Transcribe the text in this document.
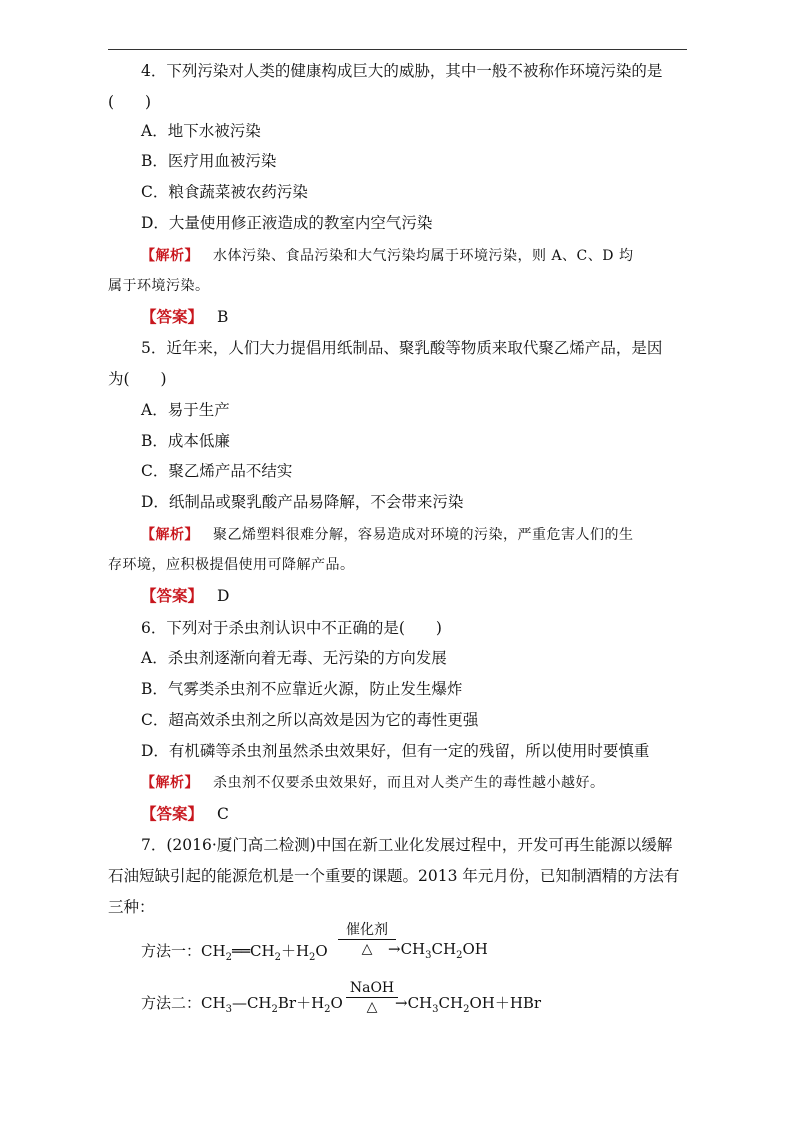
4．下列污染对人类的健康构成巨大的威胁，其中一般不被称作环境污染的是
(　　)
A．地下水被污染
B．医疗用血被污染
C．粮食蔬菜被农药污染
D．大量使用修正液造成的教室内空气污染
【解析】 水体污染、食品污染和大气污染均属于环境污染，则 A、C、D 均
属于环境污染。
【答案】 B
5．近年来，人们大力提倡用纸制品、聚乳酸等物质来取代聚乙烯产品，是因
为(　　)
A．易于生产
B．成本低廉
C．聚乙烯产品不结实
D．纸制品或聚乳酸产品易降解，不会带来污染
【解析】 聚乙烯塑料很难分解，容易造成对环境的污染，严重危害人们的生
存环境，应积极提倡使用可降解产品。
【答案】 D
6．下列对于杀虫剂认识中不正确的是(　　)
A．杀虫剂逐渐向着无毒、无污染的方向发展
B．气雾类杀虫剂不应靠近火源，防止发生爆炸
C．超高效杀虫剂之所以高效是因为它的毒性更强
D．有机磷等杀虫剂虽然杀虫效果好，但有一定的残留，所以使用时要慎重
【解析】 杀虫剂不仅要杀虫效果好，而且对人类产生的毒性越小越好。
【答案】 C
7．(2016·厦门高二检测)中国在新工业化发展过程中，开发可再生能源以缓解
石油短缺引起的能源危机是一个重要的课题。2013 年元月份，已知制酒精的方法有
三种：
方法一：$CH_2══CH_2+H_2O$
催化剂
△	$\to CH_3CH_2OH$
方法二：$CH_3—CH_2Br+H_2O$
NaOH
△	$\to CH_3CH_2OH+HBr$
